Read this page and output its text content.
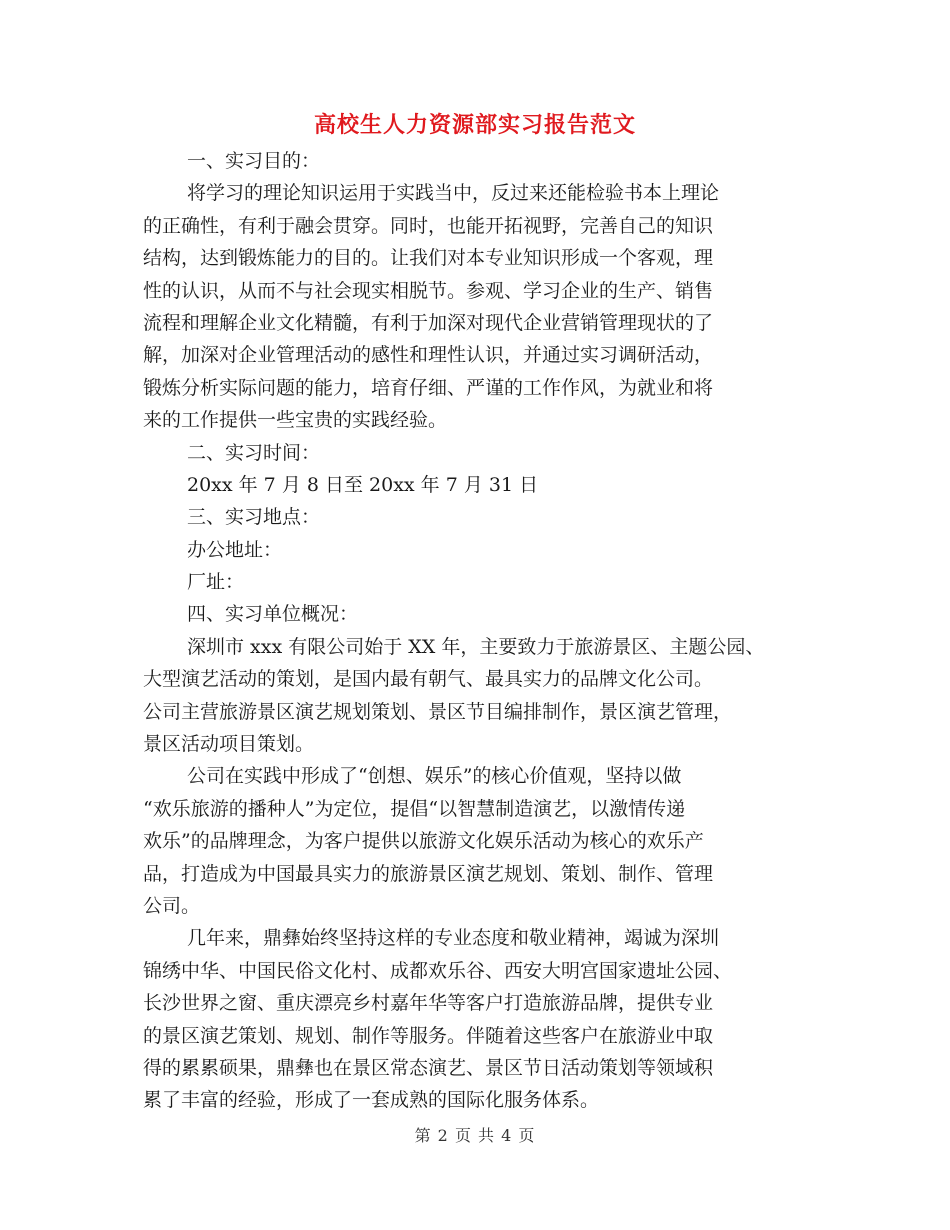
高校生人力资源部实习报告范文
一、实习目的：
将学习的理论知识运用于实践当中，反过来还能检验书本上理论
的正确性，有利于融会贯穿。同时，也能开拓视野，完善自己的知识
结构，达到锻炼能力的目的。让我们对本专业知识形成一个客观，理
性的认识，从而不与社会现实相脱节。参观、学习企业的生产、销售
流程和理解企业文化精髓，有利于加深对现代企业营销管理现状的了
解，加深对企业管理活动的感性和理性认识，并通过实习调研活动，
锻炼分析实际问题的能力，培育仔细、严谨的工作作风，为就业和将
来的工作提供一些宝贵的实践经验。
二、实习时间：
20xx 年 7 月 8 日至 20xx 年 7 月 31 日
三、实习地点：
办公地址：
厂址：
四、实习单位概况：
深圳市 xxx 有限公司始于 XX 年，主要致力于旅游景区、主题公园、
大型演艺活动的策划，是国内最有朝气、最具实力的品牌文化公司。
公司主营旅游景区演艺规划策划、景区节目编排制作，景区演艺管理，
景区活动项目策划。
公司在实践中形成了“创想、娱乐”的核心价值观，坚持以做
“欢乐旅游的播种人”为定位，提倡“以智慧制造演艺，以激情传递
欢乐”的品牌理念，为客户提供以旅游文化娱乐活动为核心的欢乐产
品，打造成为中国最具实力的旅游景区演艺规划、策划、制作、管理
公司。
几年来，鼎彝始终坚持这样的专业态度和敬业精神，竭诚为深圳
锦绣中华、中国民俗文化村、成都欢乐谷、西安大明宫国家遗址公园、
长沙世界之窗、重庆漂亮乡村嘉年华等客户打造旅游品牌，提供专业
的景区演艺策划、规划、制作等服务。伴随着这些客户在旅游业中取
得的累累硕果，鼎彝也在景区常态演艺、景区节日活动策划等领域积
累了丰富的经验，形成了一套成熟的国际化服务体系。
第 2 页 共 4 页
